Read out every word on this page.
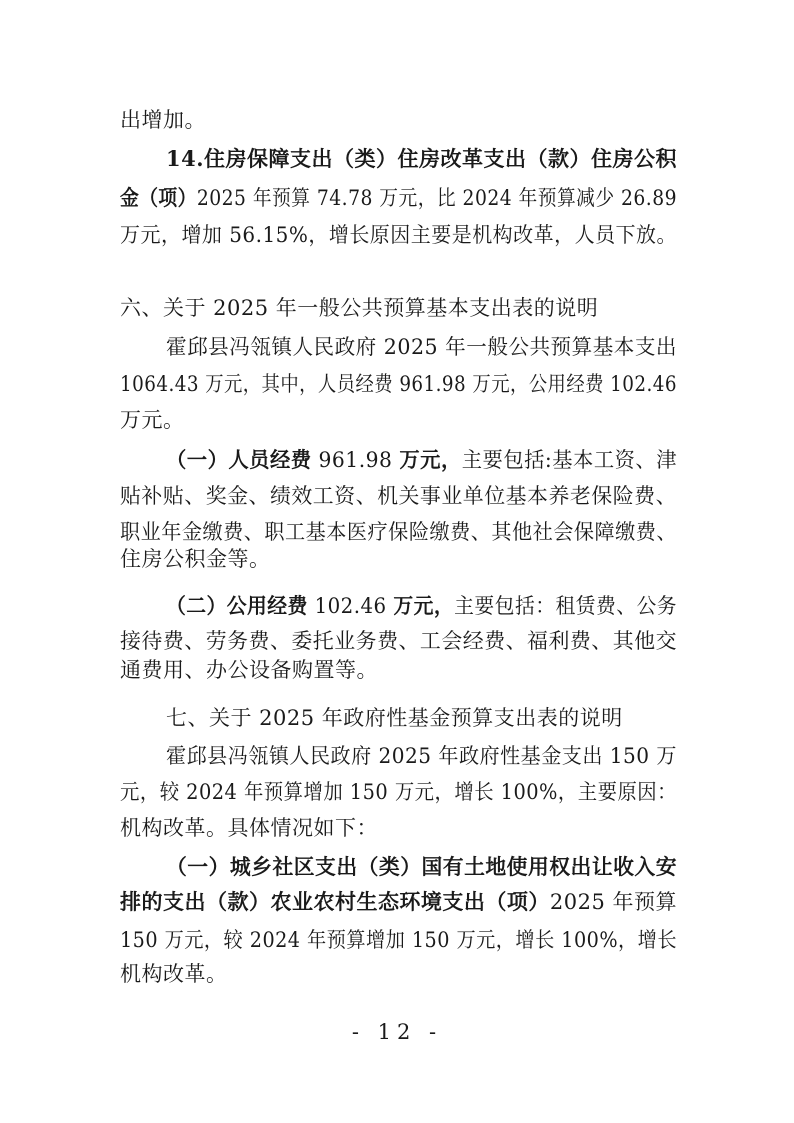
出增加。
14.住房保障支出（类）住房改革支出（款）住房公积
金（项）2025 年预算 74.78 万元，比 2024 年预算减少 26.89
万元，增加 56.15%，增长原因主要是机构改革，人员下放。
六、关于 2025 年一般公共预算基本支出表的说明
霍邱县冯瓴镇人民政府 2025 年一般公共预算基本支出
1064.43 万元，其中，人员经费 961.98 万元，公用经费 102.46
万元。
（一）人员经费 961.98 万元，主要包括:基本工资、津
贴补贴、奖金、绩效工资、机关事业单位基本养老保险费、
职业年金缴费、职工基本医疗保险缴费、其他社会保障缴费、
住房公积金等。
（二）公用经费 102.46 万元，主要包括：租赁费、公务
接待费、劳务费、委托业务费、工会经费、福利费、其他交
通费用、办公设备购置等。
七、关于 2025 年政府性基金预算支出表的说明
霍邱县冯瓴镇人民政府 2025 年政府性基金支出 150 万
元，较 2024 年预算增加 150 万元，增长 100%，主要原因：
机构改革。具体情况如下：
（一）城乡社区支出（类）国有土地使用权出让收入安
排的支出（款）农业农村生态环境支出（项）2025 年预算
150 万元，较 2024 年预算增加 150 万元，增长 100%，增长
机构改革。
- 12 -
